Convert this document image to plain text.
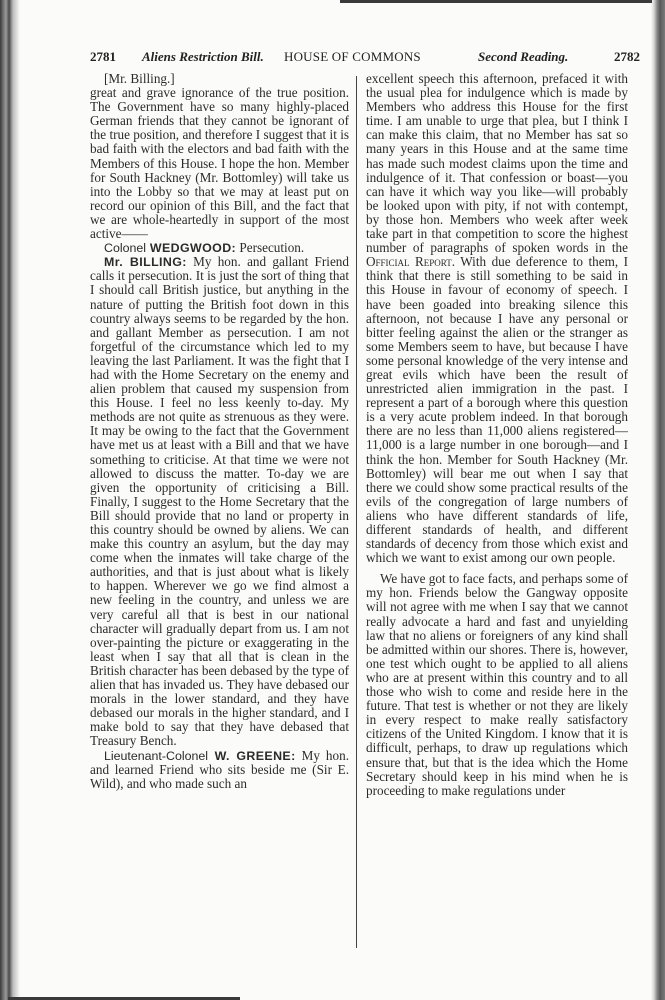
2781 Aliens Restriction Bill. HOUSE OF COMMONS	Second Reading.	2782

[Mr. Billing.]

great and grave ignorance of the true position. The Government have so many highly-placed German friends that they cannot be ignorant of the true position, and therefore I suggest that it is bad faith with the electors and bad faith with the Members of this House. I hope the hon. Member for South Hackney (Mr. Bottomley) will take us into the Lobby so that we may at least put on record our opinion of this Bill, and the fact that we are whole-heartedly in support of the most active——

Colonel WEDGWOOD: Persecution.

Mr. BILLING: My hon. and gallant Friend calls it persecution. It is just the sort of thing that I should call British justice, but anything in the nature of putting the British foot down in this country always seems to be regarded by the hon. and gallant Member as persecution. I am not forgetful of the circumstance which led to my leaving the last Parliament. It was the fight that I had with the Home Secretary on the enemy and alien problem that caused my suspension from this House. I feel no less keenly to-day. My methods are not quite as strenuous as they were. It may be owing to the fact that the Government have met us at least with a Bill and that we have something to criticise. At that time we were not allowed to discuss the matter. To-day we are given the opportunity of criticising a Bill. Finally, I suggest to the Home Secretary that the Bill should provide that no land or property in this country should be owned by aliens. We can make this country an asylum, but the day may come when the inmates will take charge of the authorities, and that is just about what is likely to happen. Wherever we go we find almost a new feeling in the country, and unless we are very careful all that is best in our national character will gradually depart from us. I am not over-painting the picture or exaggerating in the least when I say that all that is clean in the British character has been debased by the type of alien that has invaded us. They have debased our morals in the lower standard, and they have debased our morals in the higher standard, and I make bold to say that they have debased that Treasury Bench.

Lieutenant-Colonel W. GREENE: My hon. and learned Friend who sits beside me (Sir E. Wild), and who made such an

excellent speech this afternoon, prefaced it with the usual plea for indulgence which is made by Members who address this House for the first time. I am unable to urge that plea, but I think I can make this claim, that no Member has sat so many years in this House and at the same time has made such modest claims upon the time and indulgence of it. That confession or boast—you can have it which way you like—will probably be looked upon with pity, if not with contempt, by those hon. Members who week after week take part in that competition to score the highest number of paragraphs of spoken words in the Official Report. With due deference to them, I think that there is still something to be said in this House in favour of economy of speech. I have been goaded into breaking silence this afternoon, not because I have any personal or bitter feeling against the alien or the stranger as some Members seem to have, but because I have some personal knowledge of the very intense and great evils which have been the result of unrestricted alien immigration in the past. I represent a part of a borough where this question is a very acute problem indeed. In that borough there are no less than 11,000 aliens registered—11,000 is a large number in one borough—and I think the hon. Member for South Hackney (Mr. Bottomley) will bear me out when I say that there we could show some practical results of the evils of the congregation of large numbers of aliens who have different standards of life, different standards of health, and different standards of decency from those which exist and which we want to exist among our own people.

We have got to face facts, and perhaps some of my hon. Friends below the Gangway opposite will not agree with me when I say that we cannot really advocate a hard and fast and unyielding law that no aliens or foreigners of any kind shall be admitted within our shores. There is, however, one test which ought to be applied to all aliens who are at present within this country and to all those who wish to come and reside here in the future. That test is whether or not they are likely in every respect to make really satisfactory citizens of the United Kingdom. I know that it is difficult, perhaps, to draw up regulations which ensure that, but that is the idea which the Home Secretary should keep in his mind when he is proceeding to make regulations under
